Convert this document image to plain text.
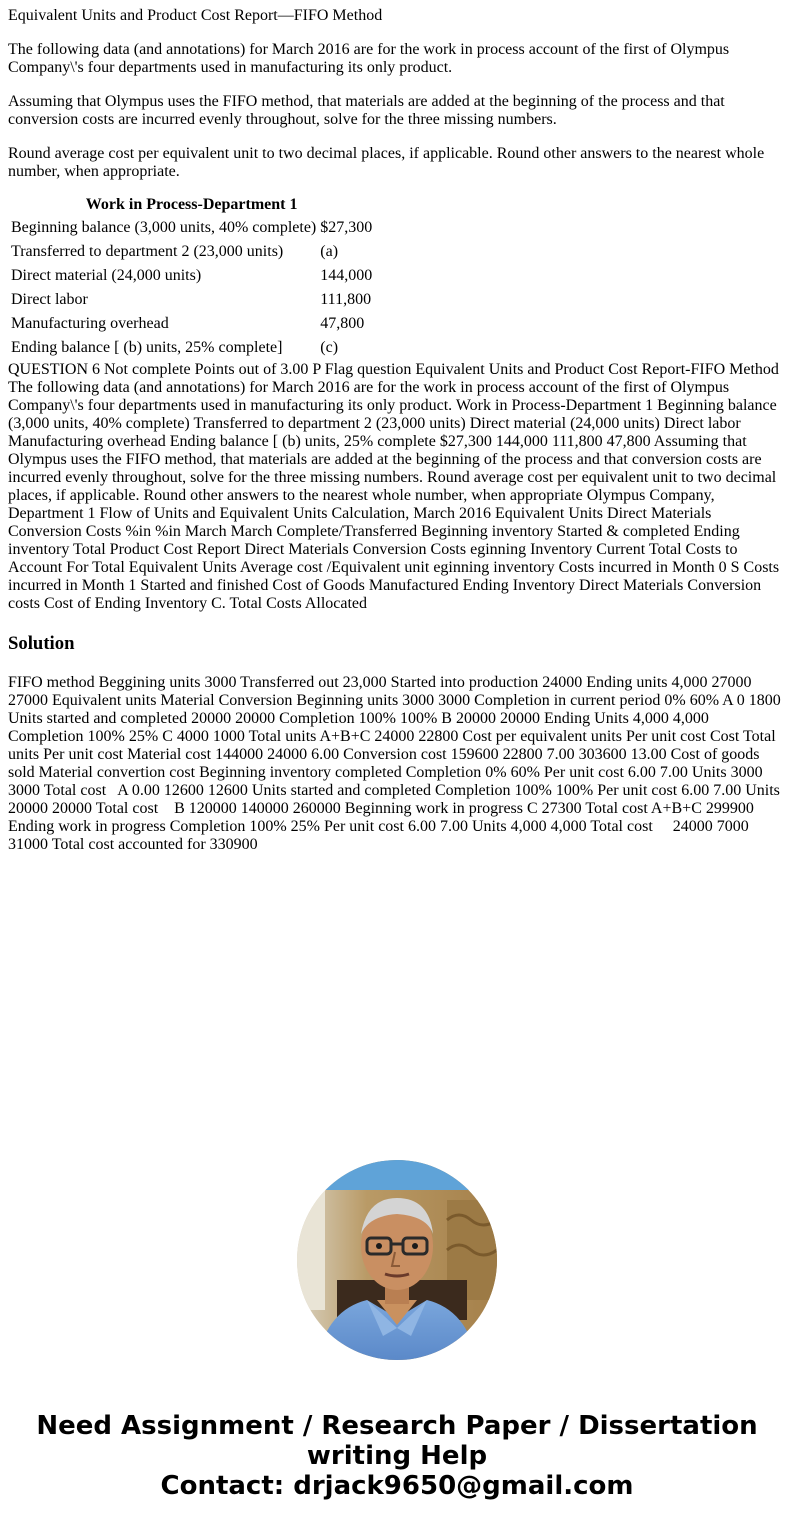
Equivalent Units and Product Cost Report—FIFO Method

The following data (and annotations) for March 2016 are for the work in process account of the first of Olympus Company\'s four departments used in manufacturing its only product.

Assuming that Olympus uses the FIFO method, that materials are added at the beginning of the process and that conversion costs are incurred evenly throughout, solve for the three missing numbers.

Round average cost per equivalent unit to two decimal places, if applicable. Round other answers to the nearest whole number, when appropriate.

Work in Process-Department 1
Beginning balance (3,000 units, 40% complete)	$27,300
Transferred to department 2 (23,000 units)	(a)
Direct material (24,000 units)	144,000
Direct labor	111,800
Manufacturing overhead	47,800
Ending balance [ (b) units, 25% complete]	(c)

QUESTION 6 Not complete Points out of 3.00 P Flag question Equivalent Units and Product Cost Report-FIFO Method The following data (and annotations) for March 2016 are for the work in process account of the first of Olympus Company\'s four departments used in manufacturing its only product. Work in Process-Department 1 Beginning balance (3,000 units, 40% complete) Transferred to department 2 (23,000 units) Direct material (24,000 units) Direct labor Manufacturing overhead Ending balance [ (b) units, 25% complete $27,300 144,000 111,800 47,800 Assuming that Olympus uses the FIFO method, that materials are added at the beginning of the process and that conversion costs are incurred evenly throughout, solve for the three missing numbers. Round average cost per equivalent unit to two decimal places, if applicable. Round other answers to the nearest whole number, when appropriate Olympus Company, Department 1 Flow of Units and Equivalent Units Calculation, March 2016 Equivalent Units Direct Materials Conversion Costs %in %in March March Complete/Transferred Beginning inventory Started & completed Ending inventory Total Product Cost Report Direct Materials Conversion Costs eginning Inventory Current Total Costs to Account For Total Equivalent Units Average cost /Equivalent unit eginning inventory Costs incurred in Month 0 S Costs incurred in Month 1 Started and finished Cost of Goods Manufactured Ending Inventory Direct Materials Conversion costs Cost of Ending Inventory C. Total Costs Allocated

Solution

FIFO method Beggining units 3000 Transferred out 23,000 Started into production 24000 Ending units 4,000 27000 27000 Equivalent units Material Conversion Beginning units 3000 3000 Completion in current period 0% 60% A 0 1800 Units started and completed 20000 20000 Completion 100% 100% B 20000 20000 Ending Units 4,000 4,000 Completion 100% 25% C 4000 1000 Total units A+B+C 24000 22800 Cost per equivalent units Per unit cost Cost Total units Per unit cost Material cost 144000 24000 6.00 Conversion cost 159600 22800 7.00 303600 13.00 Cost of goods sold Material convertion cost Beginning inventory completed Completion 0% 60% Per unit cost 6.00 7.00 Units 3000 3000 Total cost   A 0.00 12600 12600 Units started and completed Completion 100% 100% Per unit cost 6.00 7.00 Units 20000 20000 Total cost    B 120000 140000 260000 Beginning work in progress C 27300 Total cost A+B+C 299900 Ending work in progress Completion 100% 25% Per unit cost 6.00 7.00 Units 4,000 4,000 Total cost     24000 7000 31000 Total cost accounted for 330900

Need Assignment / Research Paper / Dissertation writing Help
Contact: drjack9650@gmail.com
